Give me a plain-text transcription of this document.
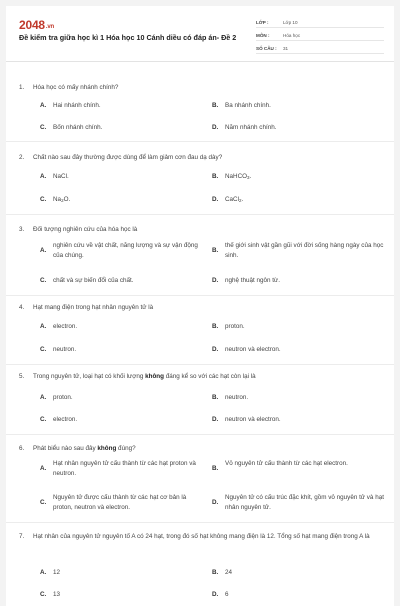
2048.vn
Đề kiểm tra giữa học kì 1 Hóa học 10 Cánh diều có đáp án- Đề 2
LỚP :	Lớp 10
MÔN :	Hóa học
SỐ CÂU :	31
1. Hóa học có mấy nhánh chính?
A. Hai nhánh chính.	B. Ba nhánh chính.
C. Bốn nhánh chính.	D. Năm nhánh chính.
2. Chất nào sau đây thường được dùng để làm giảm cơn đau dạ dày?
A. NaCl.	B. NaHCO$_3$.
C. $Na_2O$.	D. CaCl$_2$.
3. Đối tượng nghiên cứu của hóa học là
A.
nghiên cứu về vật chất, năng lượng và sự vận động của chúng.
B.
thế giới sinh vật gần gũi với đời sống hàng ngày của học sinh.
C. chất và sự biến đổi của chất.	D. nghệ thuật ngôn từ.
4. Hạt mang điện trong hạt nhân nguyên tử là
A. electron.	B. proton.
C. neutron.	D. neutron và electron.
5. Trong nguyên tử, loại hạt có khối lượng không đáng kể so với các hạt còn lại là
A. proton.	B. neutron.
C. electron.	D. neutron và electron.
6. Phát biểu nào sau đây không đúng?
A.
Hạt nhân nguyên tử cấu thành từ các hạt proton và neutron.
B.
Vỏ nguyên tử cấu thành từ các hạt electron.
C.
Nguyên tử được cấu thành từ các hạt cơ bản là proton, neutron và electron.
D.
Nguyên tử có cấu trúc đặc khít, gồm vỏ nguyên tử và hạt nhân nguyên tử.
7. Hạt nhân của nguyên tử nguyên tố A có 24 hạt, trong đó số hạt không mang điện là 12. Tổng số hạt mang điện trong A là
A. 12	B. 24
C. 13	D. 6
